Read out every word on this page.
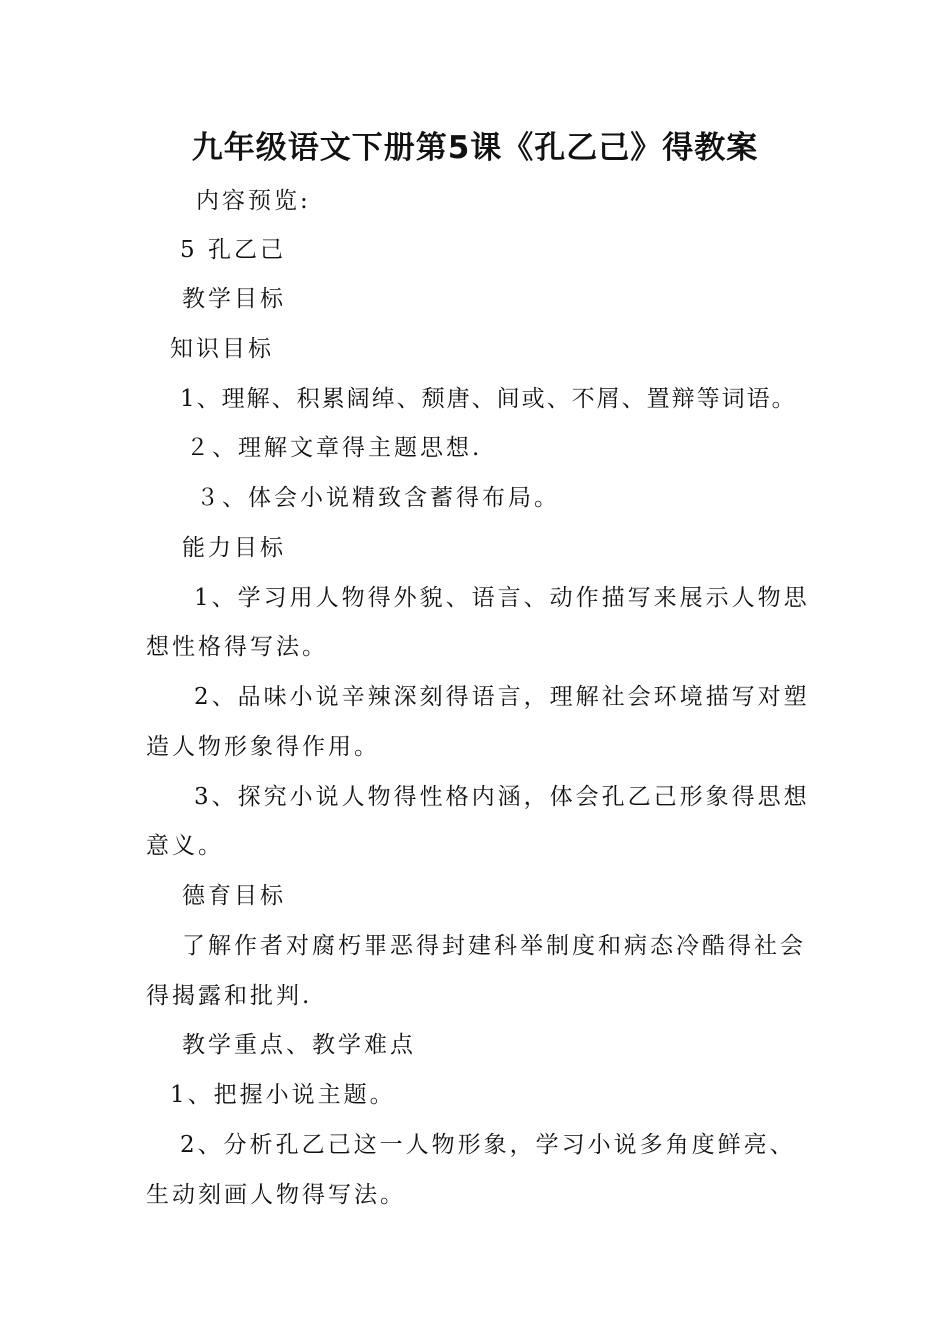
九年级语文下册第5课《孔乙己》得教案
内容预览:
5 孔乙己
教学目标
知识目标
1、理解、积累阔绰、颓唐、间或、不屑、置辩等词语。
２、理解文章得主题思想.
３、体会小说精致含蓄得布局。
能力目标
1、学习用人物得外貌、语言、动作描写来展示人物思
想性格得写法。
2、品味小说辛辣深刻得语言，理解社会环境描写对塑
造人物形象得作用。
3、探究小说人物得性格内涵，体会孔乙己形象得思想
意义。
德育目标
了解作者对腐朽罪恶得封建科举制度和病态冷酷得社会
得揭露和批判.
教学重点、教学难点
1、把握小说主题。
2、分析孔乙己这一人物形象，学习小说多角度鲜亮、
生动刻画人物得写法。
